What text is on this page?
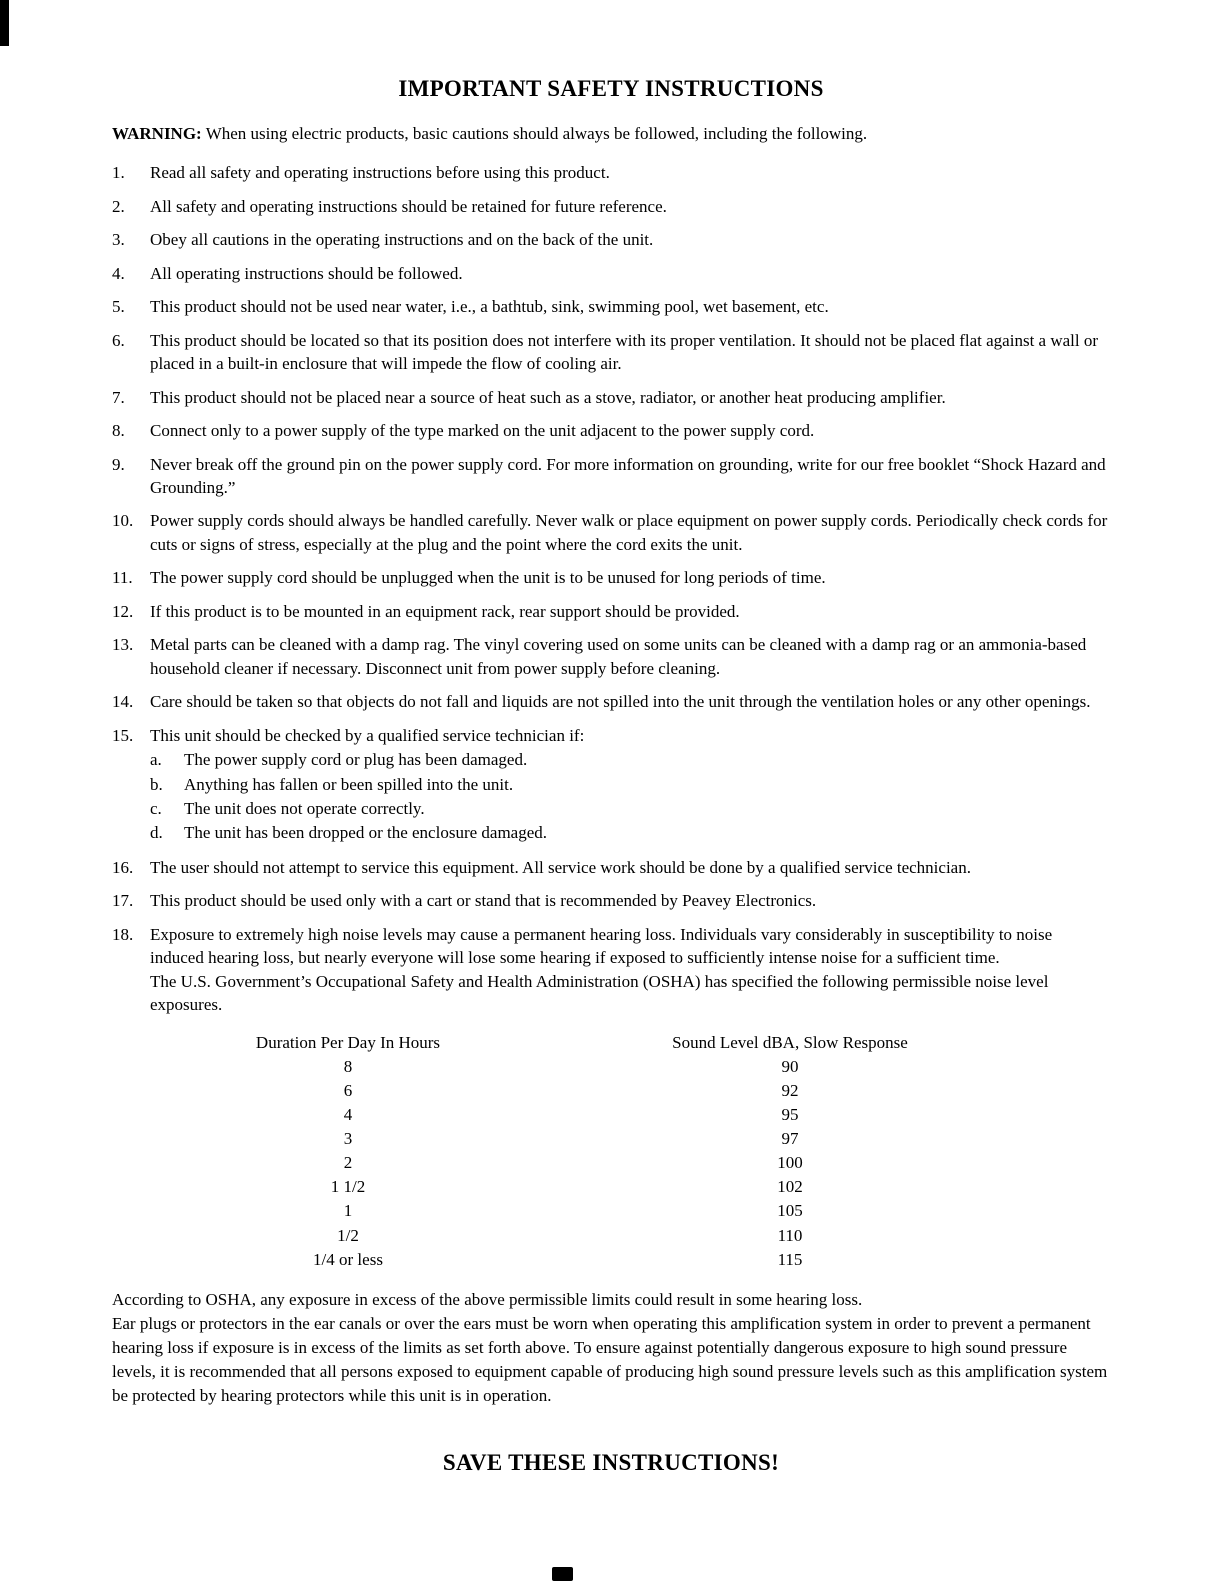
IMPORTANT SAFETY INSTRUCTIONS

WARNING: When using electric products, basic cautions should always be followed, including the following.

1.	Read all safety and operating instructions before using this product.
2.	All safety and operating instructions should be retained for future reference.
3.	Obey all cautions in the operating instructions and on the back of the unit.
4.	All operating instructions should be followed.
5.	This product should not be used near water, i.e., a bathtub, sink, swimming pool, wet basement, etc.
6.	This product should be located so that its position does not interfere with its proper ventilation. It should not be placed flat against a wall or placed in a built-in enclosure that will impede the flow of cooling air.
7.	This product should not be placed near a source of heat such as a stove, radiator, or another heat producing amplifier.
8.	Connect only to a power supply of the type marked on the unit adjacent to the power supply cord.
9.	Never break off the ground pin on the power supply cord. For more information on grounding, write for our free booklet “Shock Hazard and Grounding.”
10. Power supply cords should always be handled carefully. Never walk or place equipment on power supply cords. Periodically check cords for cuts or signs of stress, especially at the plug and the point where the cord exits the unit.
11.	The power supply cord should be unplugged when the unit is to be unused for long periods of time.
12. If this product is to be mounted in an equipment rack, rear support should be provided.
13. Metal parts can be cleaned with a damp rag. The vinyl covering used on some units can be cleaned with a damp rag or an ammonia-based household cleaner if necessary. Disconnect unit from power supply before cleaning.
14. Care should be taken so that objects do not fall and liquids are not spilled into the unit through the ventilation holes or any other openings.
15. This unit should be checked by a qualified service technician if:
a.	The power supply cord or plug has been damaged.
b.	Anything has fallen or been spilled into the unit.
c.	The unit does not operate correctly.
d.	The unit has been dropped or the enclosure damaged.
16. The user should not attempt to service this equipment. All service work should be done by a qualified service technician.
17. This product should be used only with a cart or stand that is recommended by Peavey Electronics.
18. Exposure to extremely high noise levels may cause a permanent hearing loss. Individuals vary considerably in susceptibility to noise induced hearing loss, but nearly everyone will lose some hearing if exposed to sufficiently intense noise for a sufficient time.
The U.S. Government’s Occupational Safety and Health Administration (OSHA) has specified the following permissible noise level exposures.
Duration Per Day In Hours	Sound Level dBA, Slow Response
8	90
6	92
4	95
3	97
2	100
1 1/2	102
1	105
1/2	110
1/4 or less	115

According to OSHA, any exposure in excess of the above permissible limits could result in some hearing loss.

Ear plugs or protectors in the ear canals or over the ears must be worn when operating this amplification system in order to prevent a permanent hearing loss if exposure is in excess of the limits as set forth above. To ensure against potentially dangerous exposure to high sound pressure levels, it is recommended that all persons exposed to equipment capable of producing high sound pressure levels such as this amplification system be protected by hearing protectors while this unit is in operation.

SAVE THESE INSTRUCTIONS!
